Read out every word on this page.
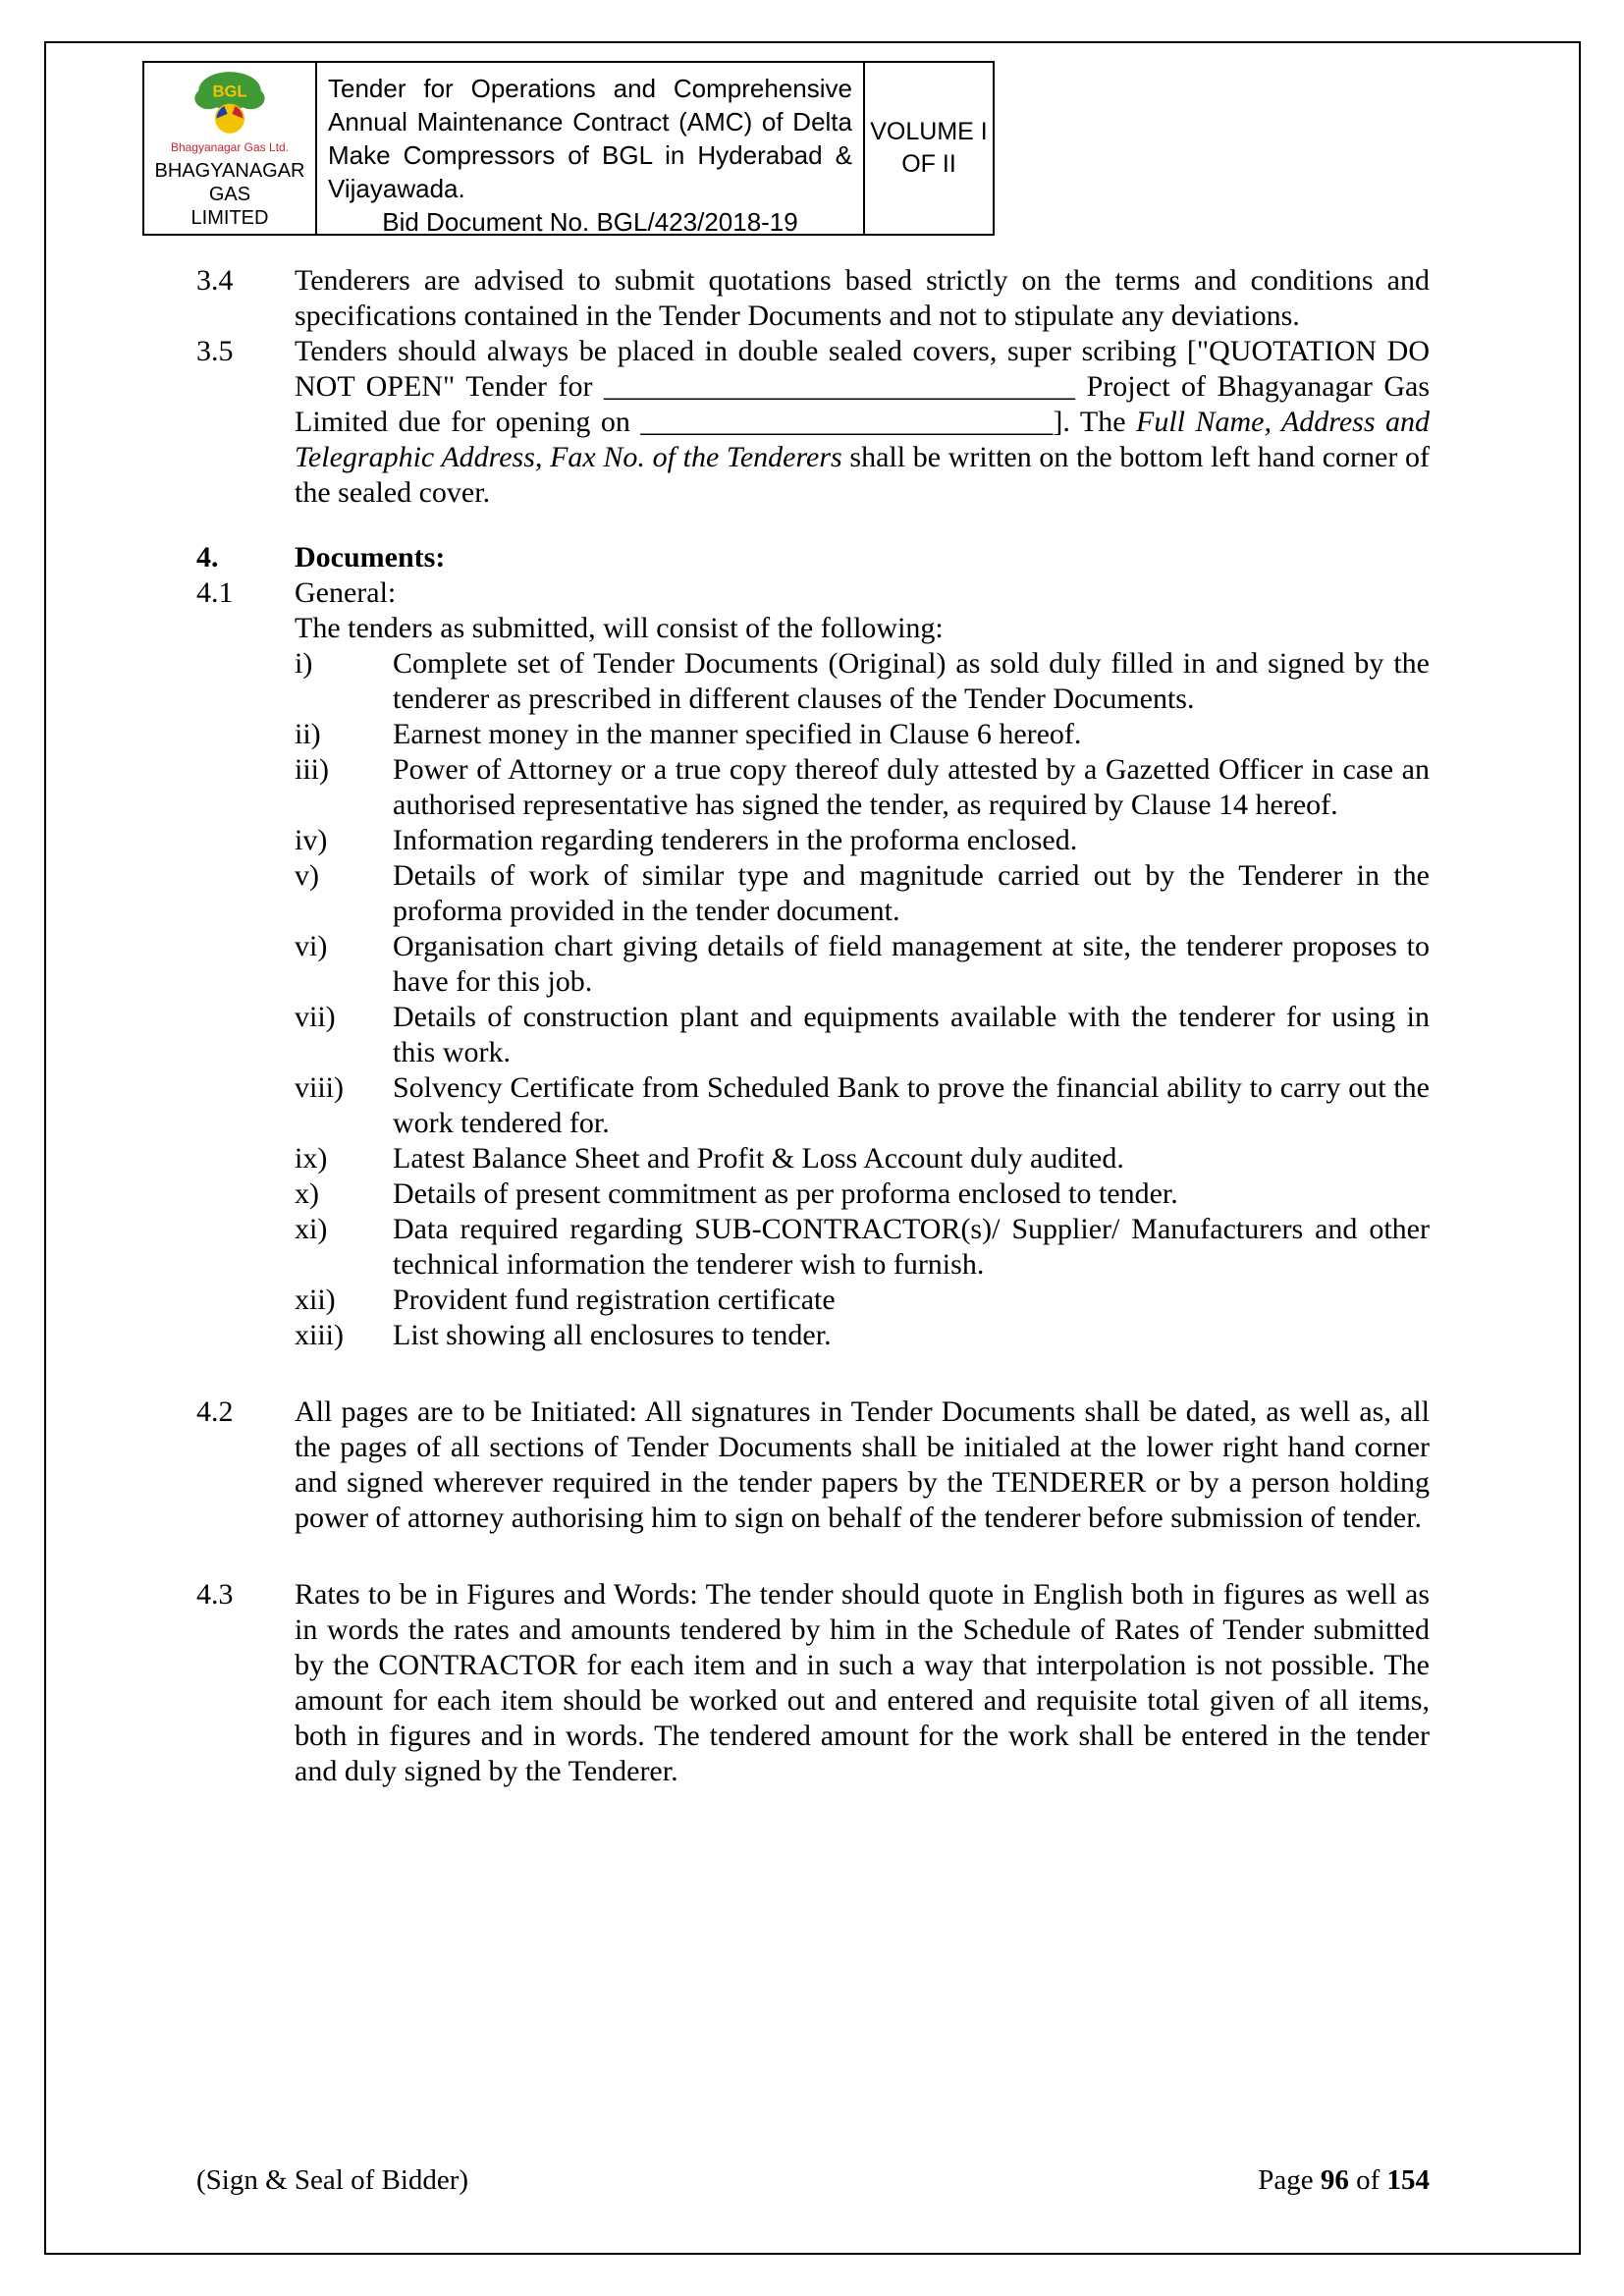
BGL
Bhagyanagar Gas Ltd.
BHAGYANAGAR GAS
LIMITED
Tender for Operations and Comprehensive Annual Maintenance Contract (AMC) of Delta Make Compressors of BGL in Hyderabad & Vijayawada.
Bid Document No. BGL/423/2018-19
VOLUME I
OF II
3.4	Tenderers are advised to submit quotations based strictly on the terms and conditions and specifications contained in the Tender Documents and not to stipulate any deviations.
3.5	Tenders should always be placed in double sealed covers, super scribing ["QUOTATION DO NOT OPEN" Tender for ________________________________ Project of Bhagyanagar Gas Limited due for opening on ____________________________]. The Full Name, Address and Telegraphic Address, Fax No. of the Tenderers shall be written on the bottom left hand corner of the sealed cover.
4.	Documents:
4.1	General:
The tenders as submitted, will consist of the following:
i)	Complete set of Tender Documents (Original) as sold duly filled in and signed by the tenderer as prescribed in different clauses of the Tender Documents.
ii)	Earnest money in the manner specified in Clause 6 hereof.
iii)	Power of Attorney or a true copy thereof duly attested by a Gazetted Officer in case an authorised representative has signed the tender, as required by Clause 14 hereof.
iv)	Information regarding tenderers in the proforma enclosed.
v)	Details of work of similar type and magnitude carried out by the Tenderer in the proforma provided in the tender document.
vi)	Organisation chart giving details of field management at site, the tenderer proposes to have for this job.
vii)	Details of construction plant and equipments available with the tenderer for using in this work.
viii)	Solvency Certificate from Scheduled Bank to prove the financial ability to carry out the work tendered for.
ix)	Latest Balance Sheet and Profit & Loss Account duly audited.
x)	Details of present commitment as per proforma enclosed to tender.
xi)	Data required regarding SUB-CONTRACTOR(s)/ Supplier/ Manufacturers and other technical information the tenderer wish to furnish.
xii)	Provident fund registration certificate
xiii)	List showing all enclosures to tender.
4.2	All pages are to be Initiated: All signatures in Tender Documents shall be dated, as well as, all the pages of all sections of Tender Documents shall be initialed at the lower right hand corner and signed wherever required in the tender papers by the TENDERER or by a person holding power of attorney authorising him to sign on behalf of the tenderer before submission of tender.
4.3	Rates to be in Figures and Words: The tender should quote in English both in figures as well as in words the rates and amounts tendered by him in the Schedule of Rates of Tender submitted by the CONTRACTOR for each item and in such a way that interpolation is not possible. The amount for each item should be worked out and entered and requisite total given of all items, both in figures and in words. The tendered amount for the work shall be entered in the tender and duly signed by the Tenderer.
(Sign & Seal of Bidder)	Page 96 of 154
